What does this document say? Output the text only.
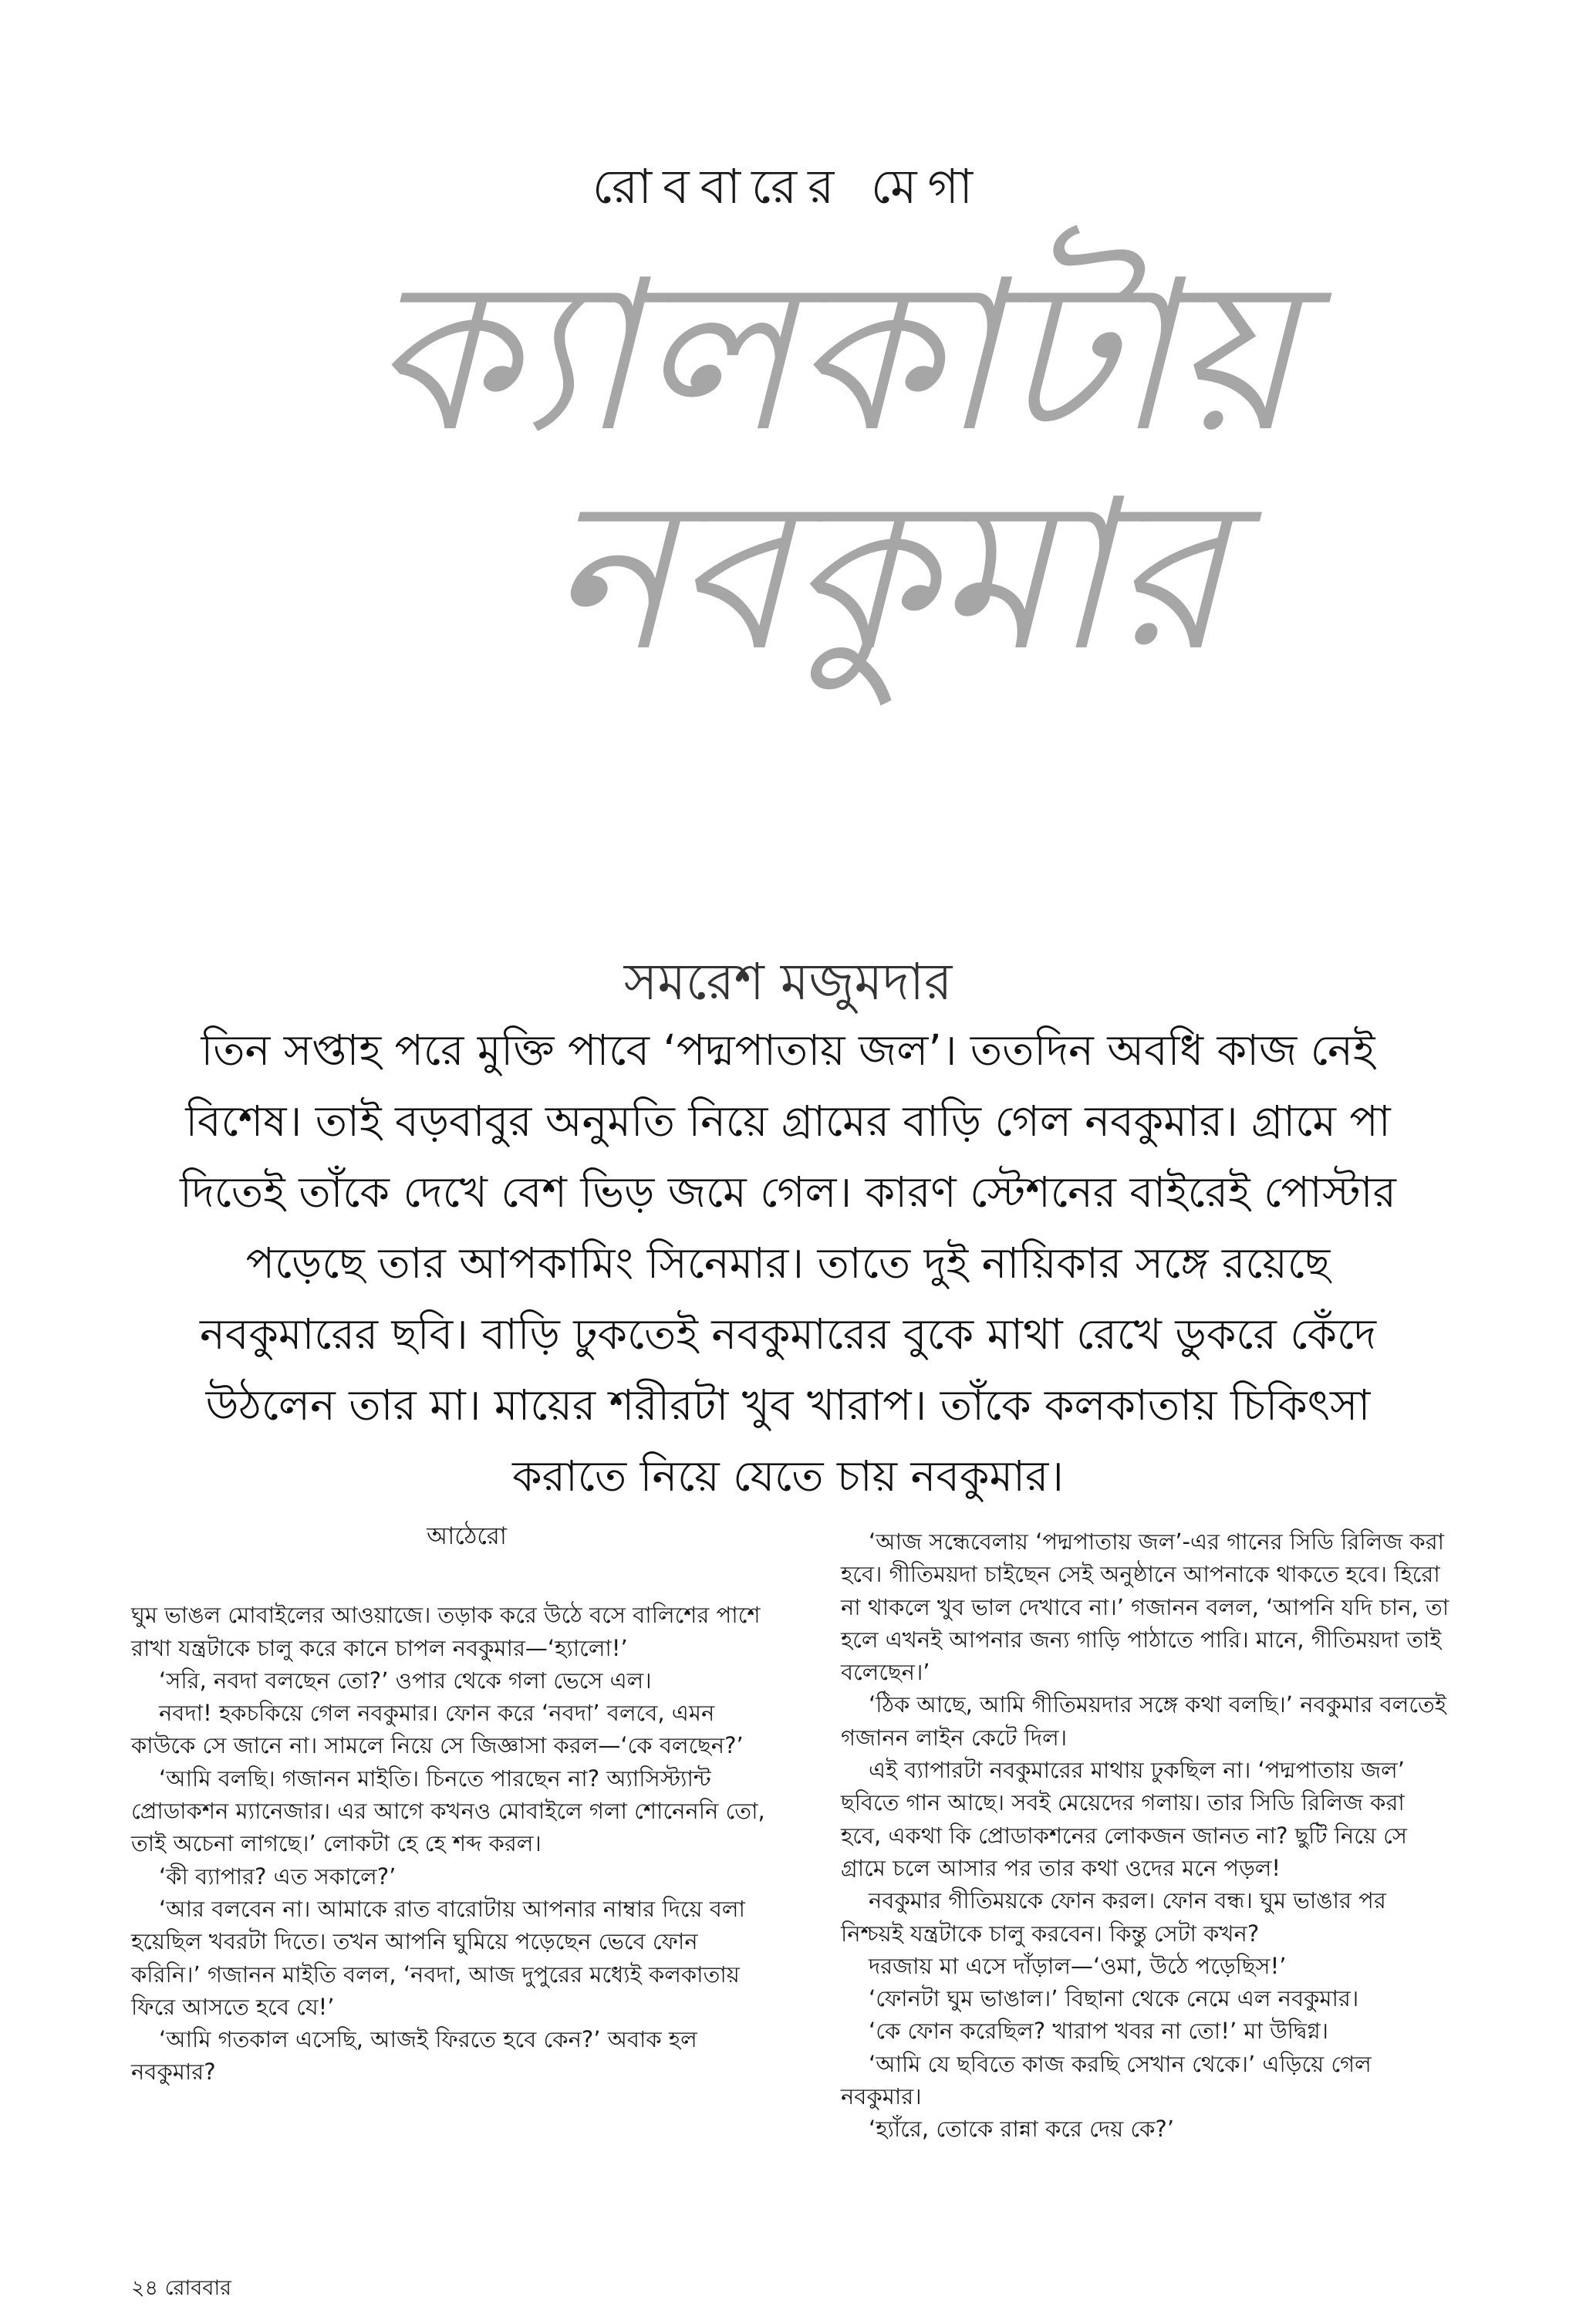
রোববারের মেগা
ক্যালকাটায়
নবকুমার
সমরেশ মজুমদার
তিন সপ্তাহ পরে মুক্তি পাবে ‘পদ্মপাতায় জল’। ততদিন অবধি কাজ নেই বিশেষ। তাই বড়বাবুর অনুমতি নিয়ে গ্রামের বাড়ি গেল নবকুমার। গ্রামে পা দিতেই তাঁকে দেখে বেশ ভিড় জমে গেল। কারণ স্টেশনের বাইরেই পোস্টার পড়েছে তার আপকামিং সিনেমার। তাতে দুই নায়িকার সঙ্গে রয়েছে নবকুমারের ছবি। বাড়ি ঢুকতেই নবকুমারের বুকে মাথা রেখে ডুকরে কেঁদে উঠলেন তার মা। মায়ের শরীরটা খুব খারাপ। তাঁকে কলকাতায় চিকিৎসা করাতে নিয়ে যেতে চায় নবকুমার।
আঠেরো

ঘুম ভাঙল মোবাইলের আওয়াজে। তড়াক করে উঠে বসে বালিশের পাশে রাখা যন্ত্রটাকে চালু করে কানে চাপল নবকুমার—‘হ্যালো!’

‘সরি, নবদা বলছেন তো?’ ওপার থেকে গলা ভেসে এল।

নবদা! হকচকিয়ে গেল নবকুমার। ফোন করে ‘নবদা’ বলবে, এমন কাউকে সে জানে না। সামলে নিয়ে সে জিজ্ঞাসা করল—‘কে বলছেন?’

‘আমি বলছি। গজানন মাইতি। চিনতে পারছেন না? অ্যাসিস্ট্যান্ট প্রোডাকশন ম্যানেজার। এর আগে কখনও মোবাইলে গলা শোনেননি তো, তাই অচেনা লাগছে।’ লোকটা হে হে শব্দ করল।

‘কী ব্যাপার? এত সকালে?’

‘আর বলবেন না। আমাকে রাত বারোটায় আপনার নাম্বার দিয়ে বলা হয়েছিল খবরটা দিতে। তখন আপনি ঘুমিয়ে পড়েছেন ভেবে ফোন করিনি।’ গজানন মাইতি বলল, ‘নবদা, আজ দুপুরের মধ্যেই কলকাতায় ফিরে আসতে হবে যে!’

‘আমি গতকাল এসেছি, আজই ফিরতে হবে কেন?’ অবাক হল নবকুমার?

‘আজ সন্ধেবেলায় ‘পদ্মপাতায় জল’-এর গানের সিডি রিলিজ করা হবে। গীতিময়দা চাইছেন সেই অনুষ্ঠানে আপনাকে থাকতে হবে। হিরো না থাকলে খুব ভাল দেখাবে না।’ গজানন বলল, ‘আপনি যদি চান, তা হলে এখনই আপনার জন্য গাড়ি পাঠাতে পারি। মানে, গীতিময়দা তাই বলেছেন।’

‘ঠিক আছে, আমি গীতিময়দার সঙ্গে কথা বলছি।’ নবকুমার বলতেই গজানন লাইন কেটে দিল।

এই ব্যাপারটা নবকুমারের মাথায় ঢুকছিল না। ‘পদ্মপাতায় জল’ ছবিতে গান আছে। সবই মেয়েদের গলায়। তার সিডি রিলিজ করা হবে, একথা কি প্রোডাকশনের লোকজন জানত না? ছুটি নিয়ে সে গ্রামে চলে আসার পর তার কথা ওদের মনে পড়ল!

নবকুমার গীতিময়কে ফোন করল। ফোন বন্ধ। ঘুম ভাঙার পর নিশ্চয়ই যন্ত্রটাকে চালু করবেন। কিন্তু সেটা কখন?

দরজায় মা এসে দাঁড়াল—‘ওমা, উঠে পড়েছিস!’

‘ফোনটা ঘুম ভাঙাল।’ বিছানা থেকে নেমে এল নবকুমার।

‘কে ফোন করেছিল? খারাপ খবর না তো!’ মা উদ্বিগ্ন।

‘আমি যে ছবিতে কাজ করছি সেখান থেকে।’ এড়িয়ে গেল নবকুমার।

‘হ্যাঁরে, তোকে রান্না করে দেয় কে?’

২৪ রোববার
